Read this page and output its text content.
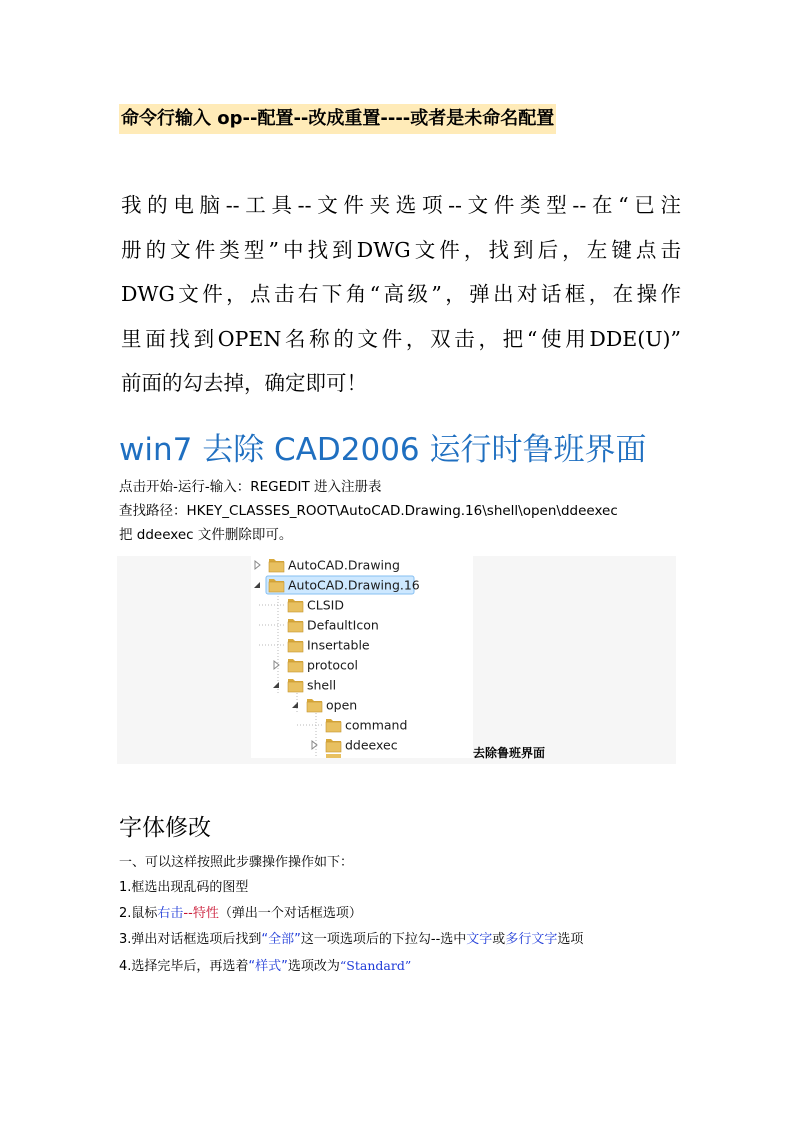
命令行输入 op--配置--改成重置----或者是未命名配置
我的电脑--工具--文件夹选项--文件类型--在“已注
册的文件类型”中找到DWG文件，找到后，左键点击
DWG文件，点击右下角“高级”，弹出对话框，在操作
里面找到OPEN名称的文件，双击，把“使用DDE(U)”
前面的勾去掉，确定即可！
win7 去除 CAD2006 运行时鲁班界面
点击开始-运行-输入：REGEDIT 进入注册表
查找路径：HKEY_CLASSES_ROOT\AutoCAD.Drawing.16\shell\open\ddeexec
把 ddeexec 文件删除即可。
AutoCAD.Drawing
AutoCAD.Drawing.16
CLSID
DefaultIcon
Insertable
protocol
shell
open
command
ddeexec
去除鲁班界面
字体修改
一、可以这样按照此步骤操作操作如下：
1.框选出现乱码的图型
2.鼠标右击--特性（弹出一个对话框选项）
3.弹出对话框选项后找到“全部”这一项选项后的下拉勾--选中文字或多行文字选项
4.选择完毕后，再选着“样式”选项改为“Standard”
